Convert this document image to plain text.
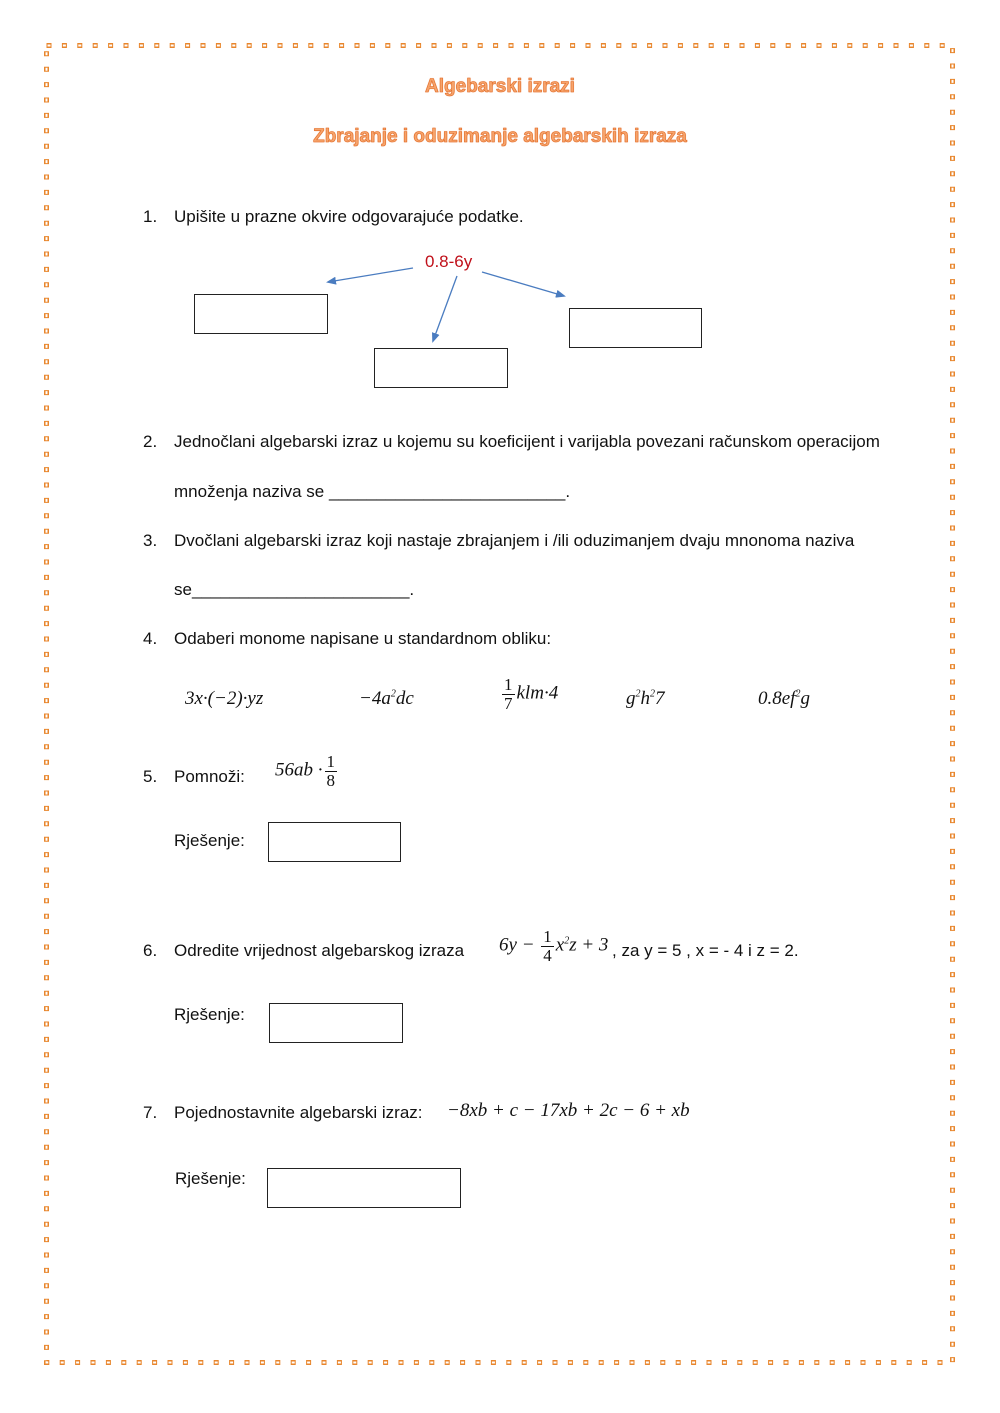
Algebarski izrazi
Zbrajanje i oduzimanje algebarskih izraza
1. Upišite u prazne okvire odgovarajuće podatke.
0.8-6y
2. Jednočlani algebarski izraz u kojemu su koeficijent i varijabla povezani računskom operacijom
množenja naziva se _________________________.
3. Dvočlani algebarski izraz koji nastaje zbrajanjem i /ili oduzimanjem dvaju mnonoma naziva
se_______________________.
4. Odaberi monome napisane u standardnom obliku:
3x·(−2)·yz	$-4a^2dc$	$\frac{1}{7} klm\cdot 4$	$g^2h^27$	$0.8ef^2g$
5. Pomnoži: $56ab \cdot \frac{1}{8}$
Rješenje:
6. Odredite vrijednost algebarskog izraza $6y - \frac{1}{4} x^2z + 3$ , za y = 5 , x = - 4 i z = 2.
Rješenje:
7. Pojednostavnite algebarski izraz: −8xb + c − 17xb + 2c − 6 + xb
Rješenje:
